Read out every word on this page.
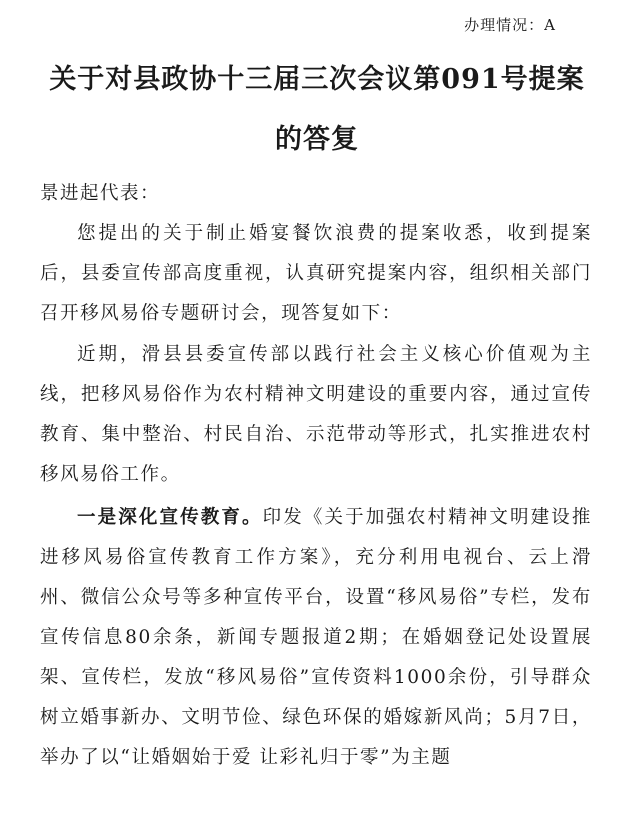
办理情况：A
关于对县政协十三届三次会议第091号提案
的答复
景进起代表：

您提出的关于制止婚宴餐饮浪费的提案收悉，收到提案后，县委宣传部高度重视，认真研究提案内容，组织相关部门召开移风易俗专题研讨会，现答复如下：

近期，滑县县委宣传部以践行社会主义核心价值观为主线，把移风易俗作为农村精神文明建设的重要内容，通过宣传教育、集中整治、村民自治、示范带动等形式，扎实推进农村移风易俗工作。

一是深化宣传教育。印发《关于加强农村精神文明建设推进移风易俗宣传教育工作方案》，充分利用电视台、云上滑州、微信公众号等多种宣传平台，设置“移风易俗”专栏，发布宣传信息80余条，新闻专题报道2期；在婚姻登记处设置展架、宣传栏，发放“移风易俗”宣传资料1000余份，引导群众树立婚事新办、文明节俭、绿色环保的婚嫁新风尚；5月7日，举办了以“让婚姻始于爱 让彩礼归于零”为主题
